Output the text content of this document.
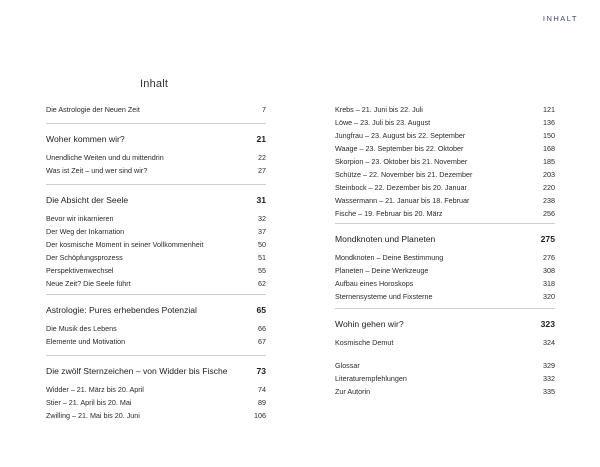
INHALT
Inhalt
Die Astrologie der Neuen Zeit	7
Woher kommen wir?	21
Unendliche Weiten und du mittendrin	22
Was ist Zeit – und wer sind wir?	27
Die Absicht der Seele	31
Bevor wir inkarnieren	32
Der Weg der Inkarnation	37
Der kosmische Moment in seiner Vollkommenheit	50
Der Schöpfungsprozess	51
Perspektivenwechsel	55
Neue Zeit? Die Seele führt	62
Astrologie: Pures erhebendes Potenzial	65
Die Musik des Lebens	66
Elemente und Motivation	67
Die zwölf Sternzeichen – von Widder bis Fische	73
Widder – 21. März bis 20. April	74
Stier – 21. April bis 20. Mai	89
Zwilling – 21. Mai bis 20. Juni	106
Krebs – 21. Juni bis 22. Juli	121
Löwe – 23. Juli bis 23. August	136
Jungfrau – 23. August bis 22. September	150
Waage – 23. September bis 22. Oktober	168
Skorpion – 23. Oktober bis 21. November	185
Schütze – 22. November bis 21. Dezember	203
Steinbock – 22. Dezember bis 20. Januar	220
Wassermann – 21. Januar bis 18. Februar	238
Fische – 19. Februar bis 20. März	256
Mondknoten und Planeten	275
Mondknoten – Deine Bestimmung	276
Planeten – Deine Werkzeuge	308
Aufbau eines Horoskops	318
Sternensysteme und Fixsterne	320
Wohin gehen wir?	323
Kosmische Demut	324
Glossar	329
Literaturempfehlungen	332
Zur Autorin	335
